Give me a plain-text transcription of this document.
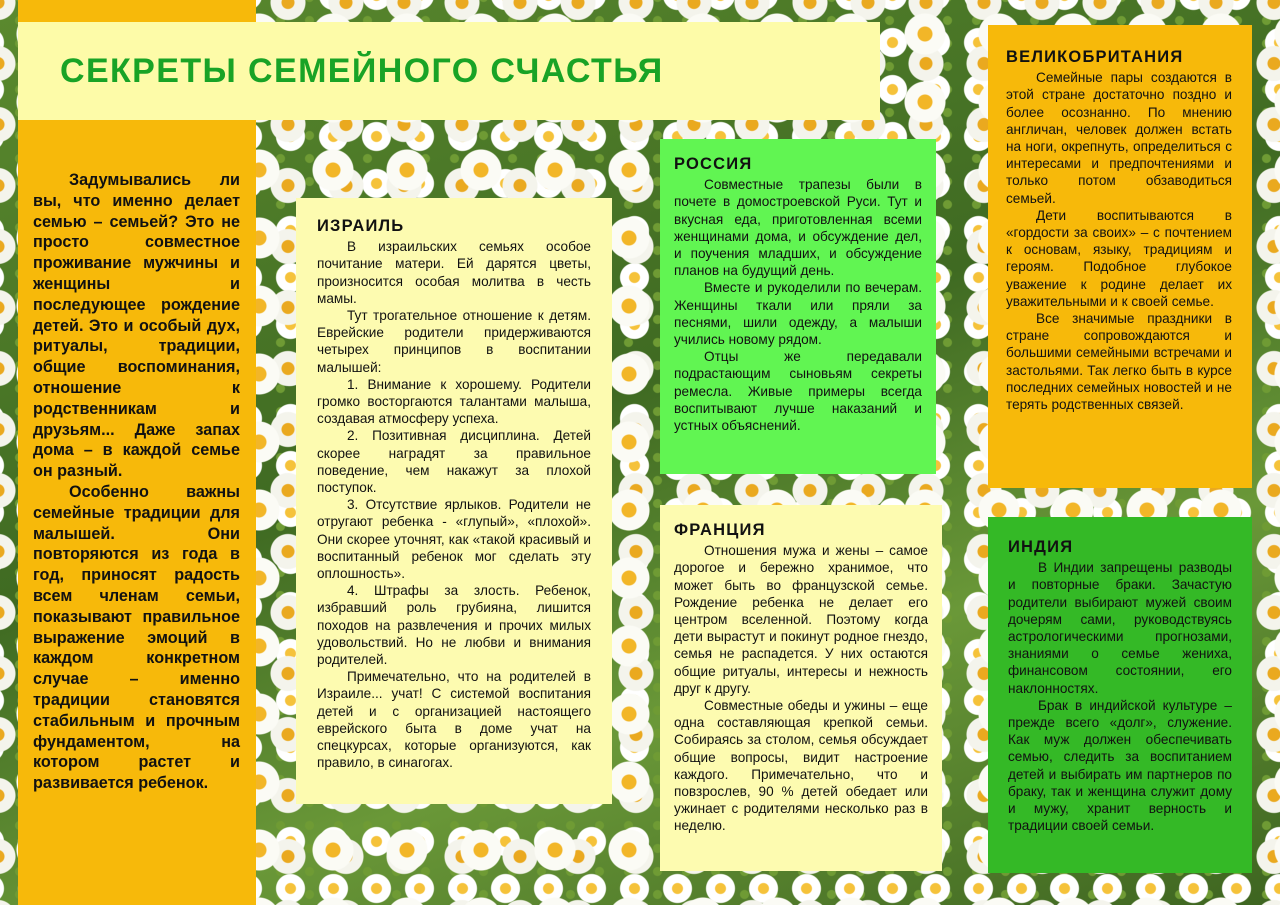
СЕКРЕТЫ СЕМЕЙНОГО СЧАСТЬЯ

Задумывались ли вы, что именно делает семью – семьей? Это не просто совместное проживание мужчины и женщины и последующее рождение детей. Это и особый дух, ритуалы, традиции, общие воспоминания, отношение к родственникам и друзьям... Даже запах дома – в каждой семье он разный.

Особенно важны семейные традиции для малышей. Они повторяются из года в год, приносят радость всем членам семьи, показывают правильное выражение эмоций в каждом конкретном случае – именно традиции становятся стабильным и прочным фундаментом, на котором растет и развивается ребенок.

ИЗРАИЛЬ

В израильских семьях особое почитание матери. Ей дарятся цветы, произносится особая молитва в честь мамы.

Тут трогательное отношение к детям. Еврейские родители придерживаются четырех принципов в воспитании малышей:

1. Внимание к хорошему. Родители громко восторгаются талантами малыша, создавая атмосферу успеха.

2. Позитивная дисциплина. Детей скорее наградят за правильное поведение, чем накажут за плохой поступок.

3. Отсутствие ярлыков. Родители не отругают ребенка - «глупый», «плохой». Они скорее уточнят, как «такой красивый и воспитанный ребенок мог сделать эту оплошность».

4. Штрафы за злость. Ребенок, избравший роль грубияна, лишится походов на развлечения и прочих милых удовольствий. Но не любви и внимания родителей.

Примечательно, что на родителей в Израиле... учат! С системой воспитания детей и с организацией настоящего еврейского быта в доме учат на спецкурсах, которые организуются, как правило, в синагогах.

РОССИЯ

Совместные трапезы были в почете в домостроевской Руси. Тут и вкусная еда, приготовленная всеми женщинами дома, и обсуждение дел, и поучения младших, и обсуждение планов на будущий день.

Вместе и рукоделили по вечерам. Женщины ткали или пряли за песнями, шили одежду, а малыши учились новому рядом.

Отцы же передавали подрастающим сыновьям секреты ремесла. Живые примеры всегда воспитывают лучше наказаний и устных объяснений.

ФРАНЦИЯ

Отношения мужа и жены – самое дорогое и бережно хранимое, что может быть во французской семье. Рождение ребенка не делает его центром вселенной. Поэтому когда дети вырастут и покинут родное гнездо, семья не распадется. У них остаются общие ритуалы, интересы и нежность друг к другу.

Совместные обеды и ужины – еще одна составляющая крепкой семьи. Собираясь за столом, семья обсуждает общие вопросы, видит настроение каждого. Примечательно, что и повзрослев, 90 % детей обедает или ужинает с родителями несколько раз в неделю.

ВЕЛИКОБРИТАНИЯ

Семейные пары создаются в этой стране достаточно поздно и более осознанно. По мнению англичан, человек должен встать на ноги, окрепнуть, определиться с интересами и предпочтениями и только потом обзаводиться семьей.

Дети воспитываются в «гордости за своих» – с почтением к основам, языку, традициям и героям. Подобное глубокое уважение к родине делает их уважительными и к своей семье.

Все значимые праздники в стране сопровождаются и большими семейными встречами и застольями. Так легко быть в курсе последних семейных новостей и не терять родственных связей.

ИНДИЯ

В Индии запрещены разводы и повторные браки. Зачастую родители выбирают мужей своим дочерям сами, руководствуясь астрологическими прогнозами, знаниями о семье жениха, финансовом состоянии, его наклонностях.

Брак в индийской культуре – прежде всего «долг», служение. Как муж должен обеспечивать семью, следить за воспитанием детей и выбирать им партнеров по браку, так и женщина служит дому и мужу, хранит верность и традиции своей семьи.
